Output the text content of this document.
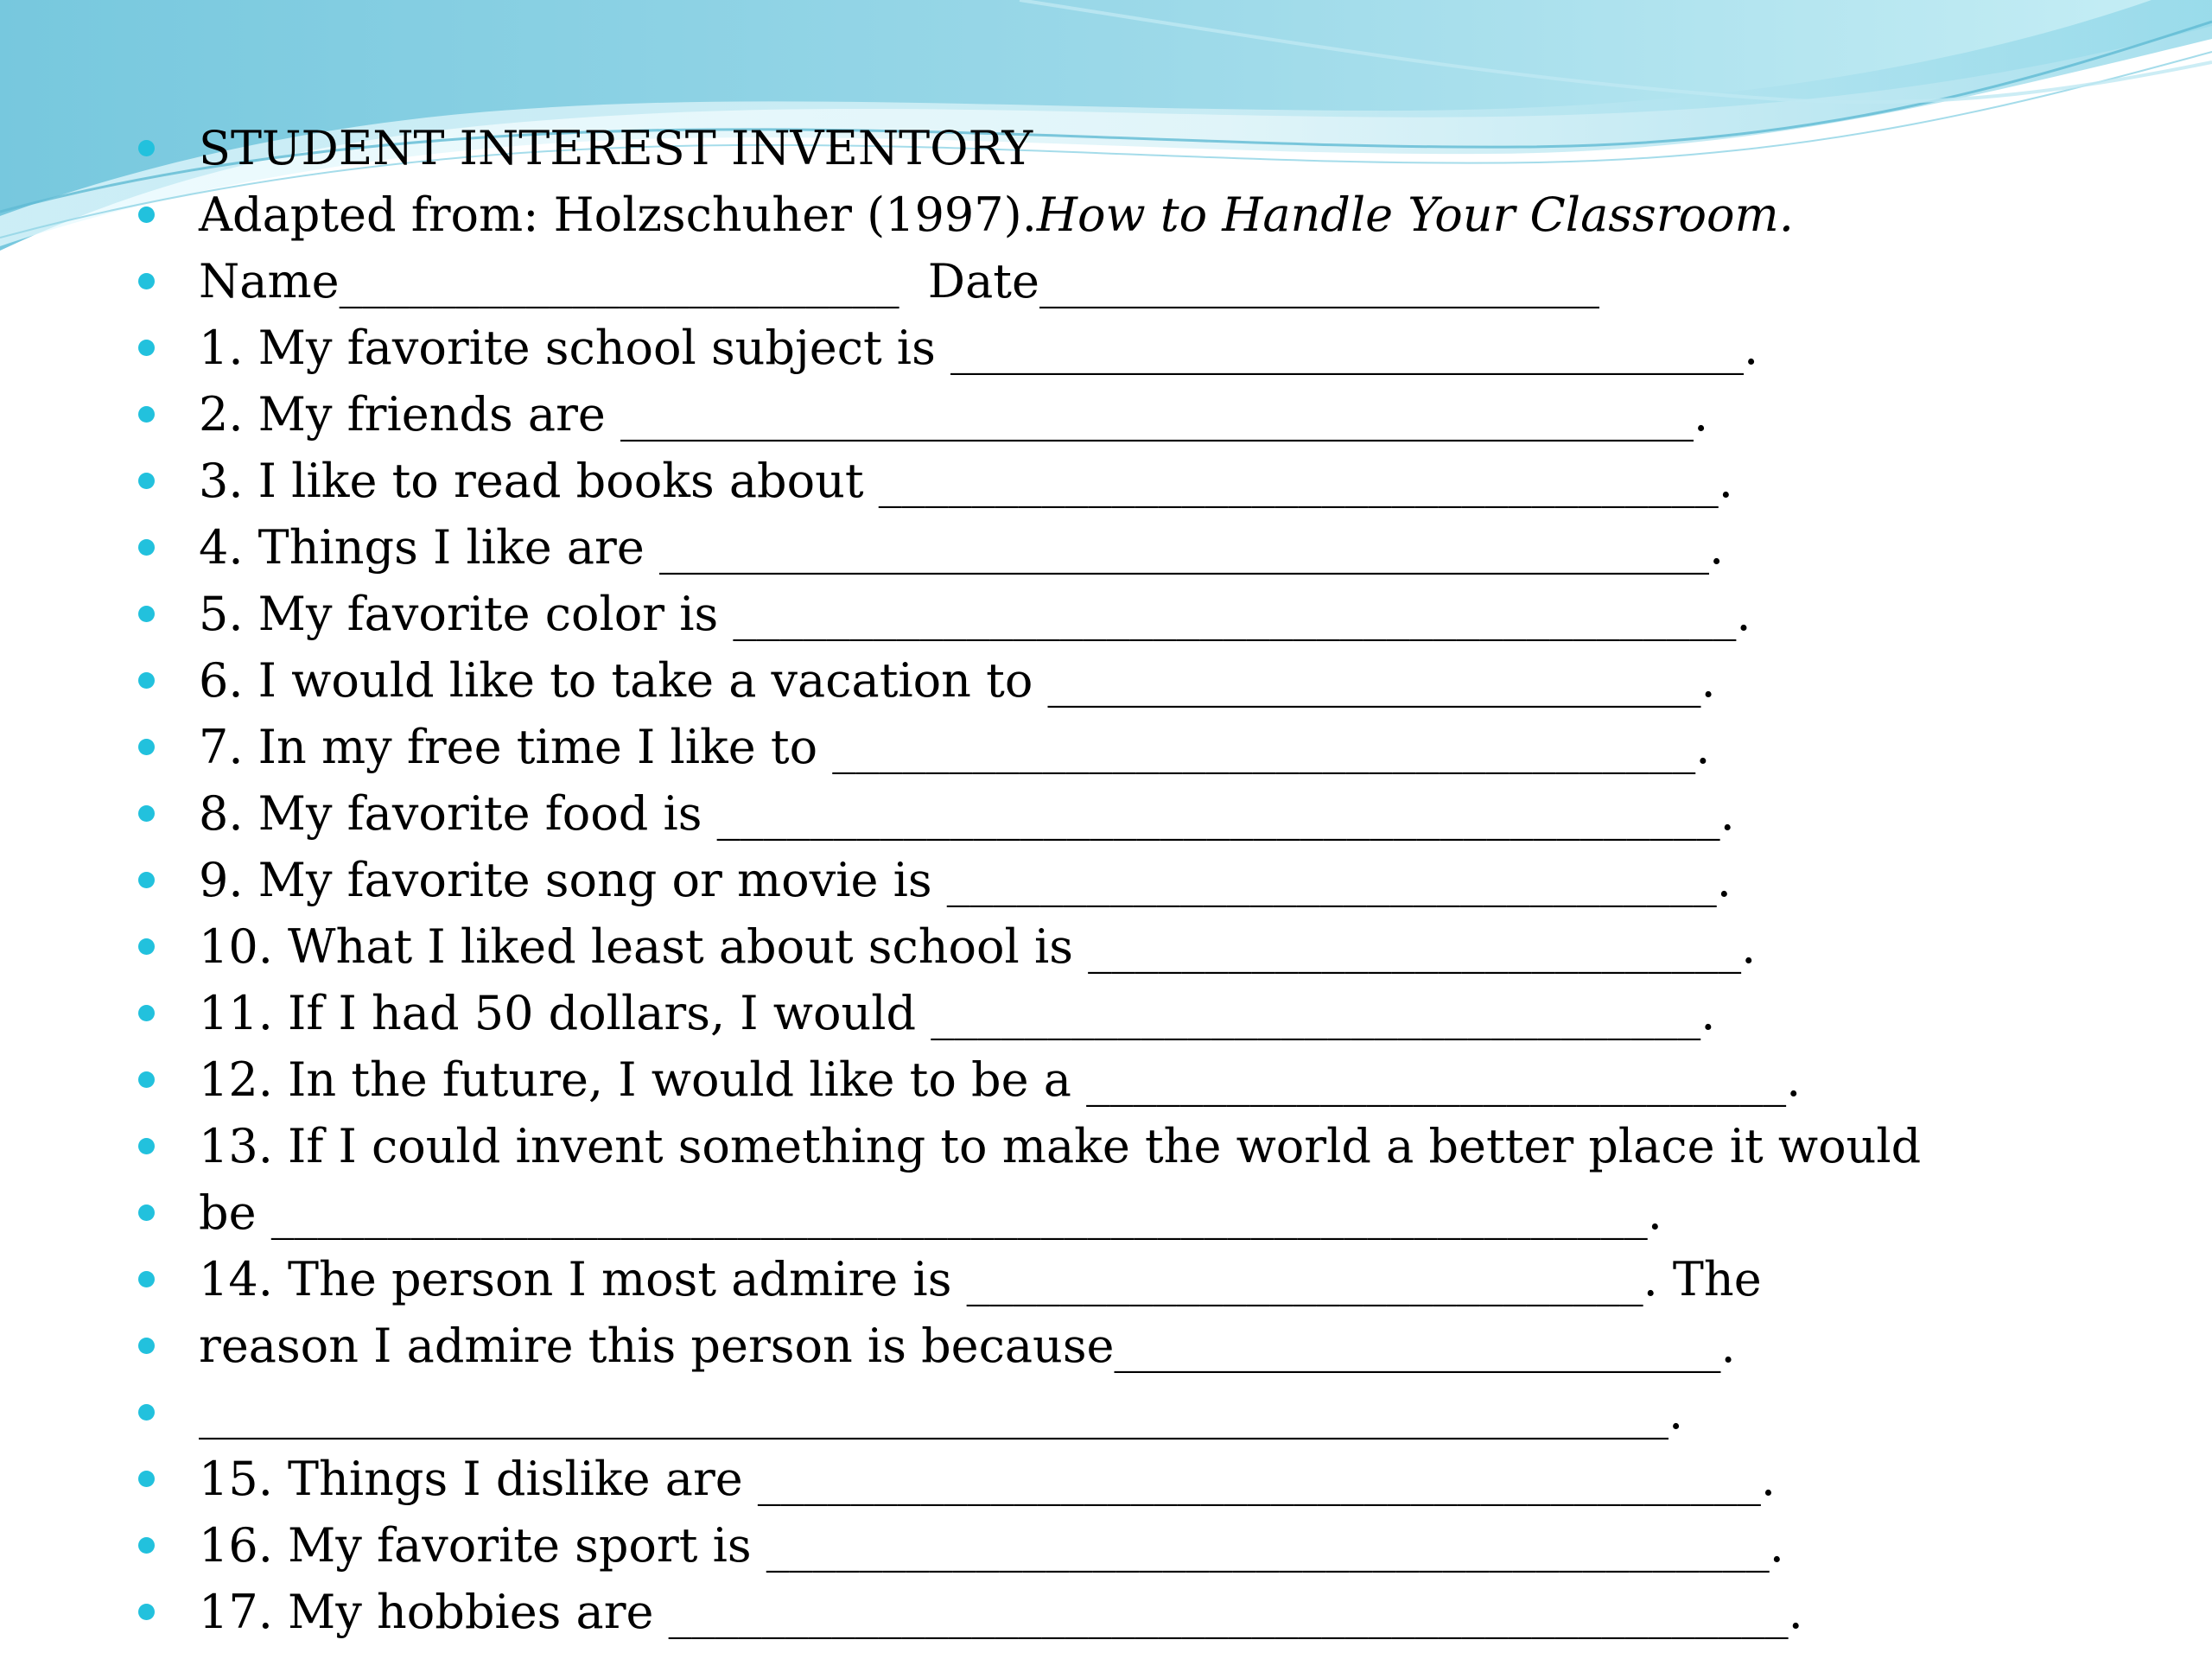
STUDENT INTEREST INVENTORY
Adapted from: Holzschuher (1997).How to Handle Your Classroom.
Name________________________ Date________________________
1. My favorite school subject is __________________________________.
2. My friends are ______________________________________________.
3. I like to read books about ____________________________________.
4. Things I like are _____________________________________________.
5. My favorite color is ___________________________________________.
6. I would like to take a vacation to ____________________________.
7. In my free time I like to _____________________________________.
8. My favorite food is ___________________________________________.
9. My favorite song or movie is _________________________________.
10. What I liked least about school is ____________________________.
11. If I had 50 dollars, I would _________________________________.
12. In the future, I would like to be a ______________________________.
13. If I could invent something to make the world a better place it would
be ___________________________________________________________.
14. The person I most admire is _____________________________. The
reason I admire this person is because__________________________.
_______________________________________________________________.
15. Things I dislike are ___________________________________________.
16. My favorite sport is ___________________________________________.
17. My hobbies are ________________________________________________.
